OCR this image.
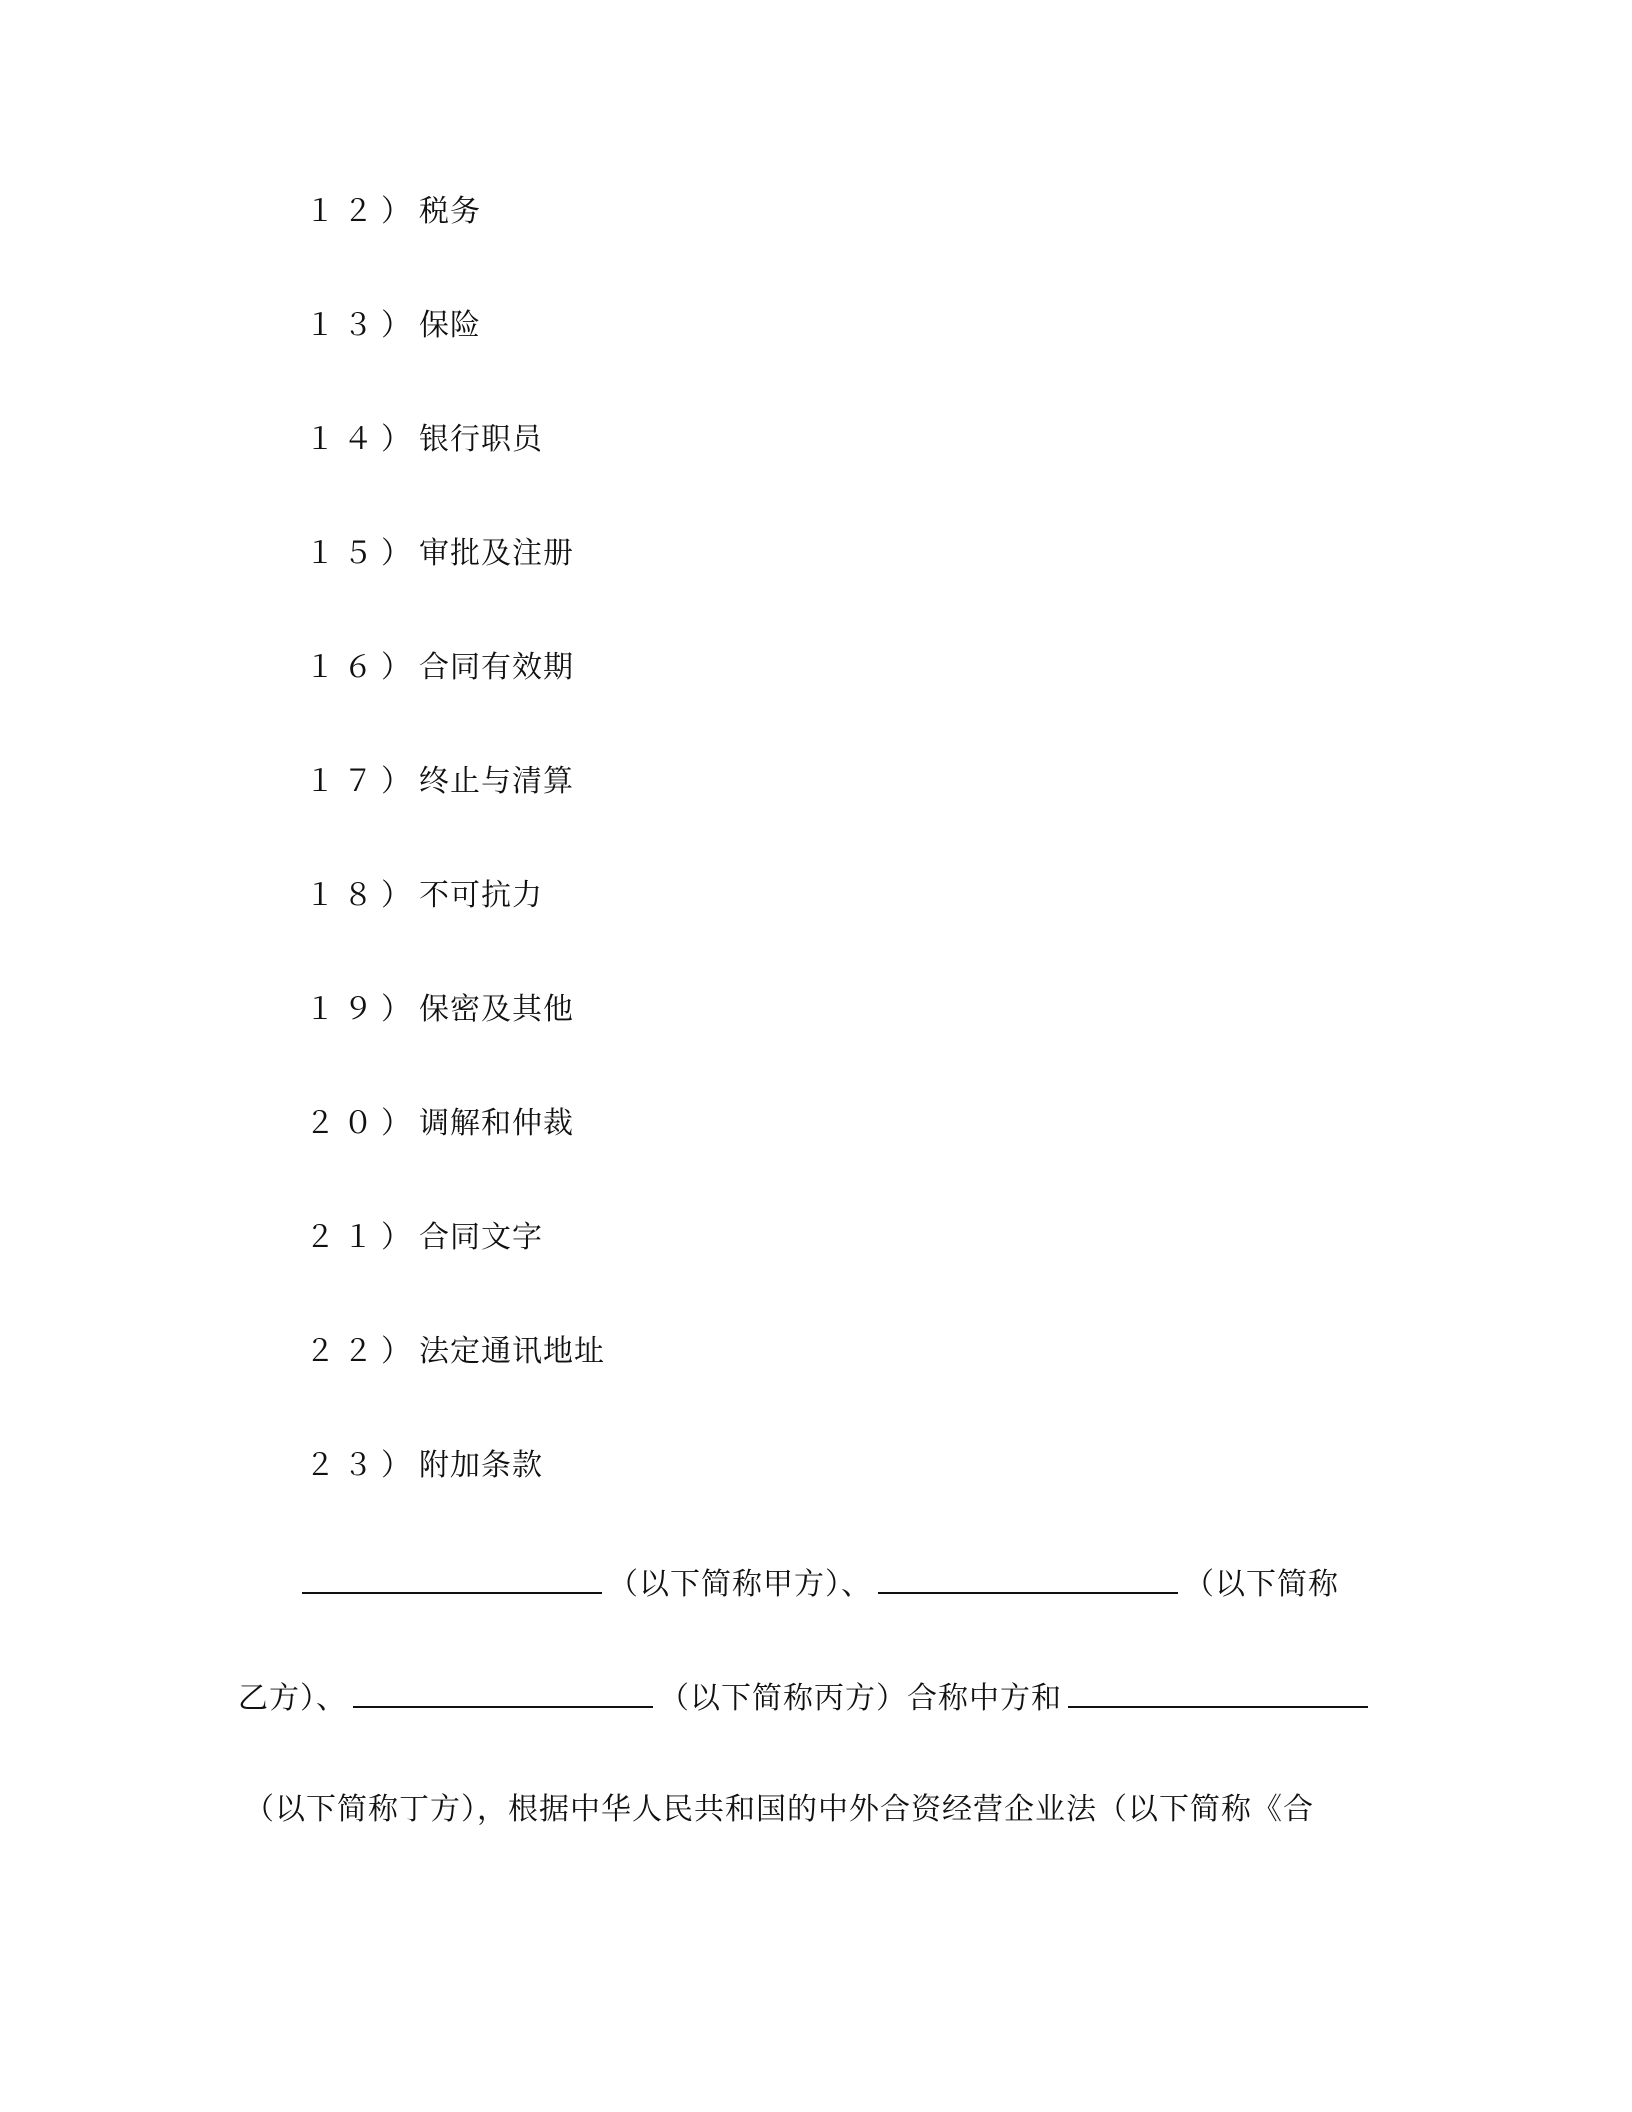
１２）税务
１３）保险
１４）银行职员
１５）审批及注册
１６）合同有效期
１７）终止与清算
１８）不可抗力
１９）保密及其他
２０）调解和仲裁
２１）合同文字
２２）法定通讯地址
２３）附加条款
（以下简称甲方）、	（以下简称
乙方）、	（以下简称丙方）合称中方和
（以下简称丁方），根据中华人民共和国的中外合资经营企业法（以下简称《合
